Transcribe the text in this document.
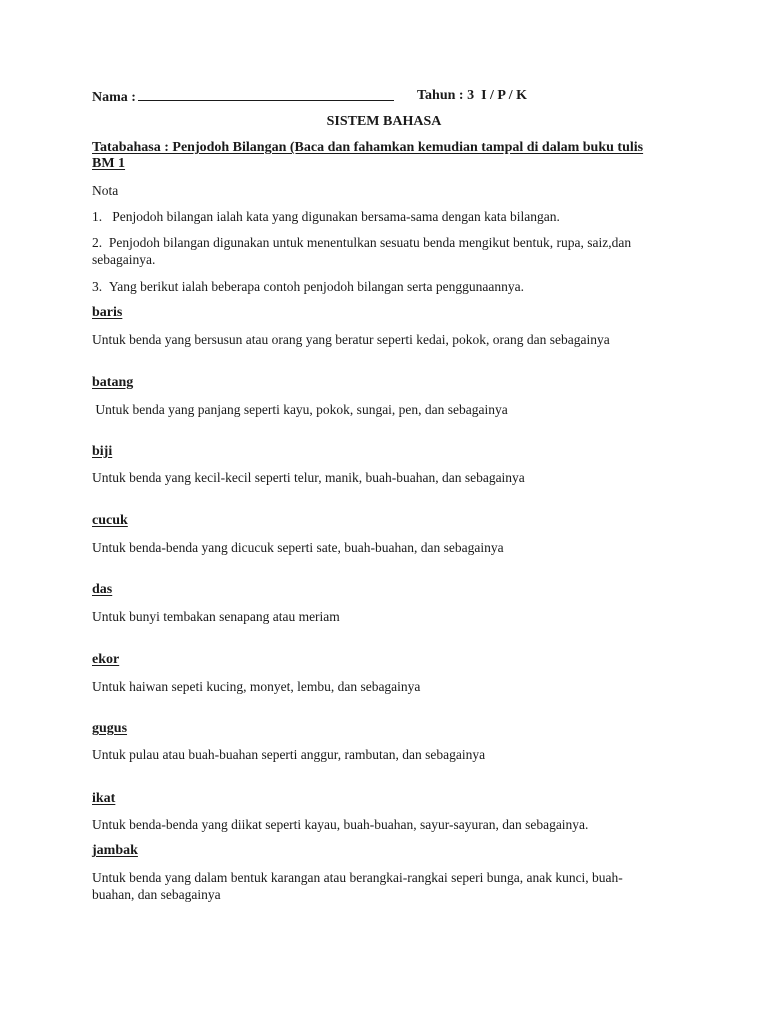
Nama :	Tahun : 3 I / P / K
SISTEM BAHASA
Tatabahasa : Penjodoh Bilangan (Baca dan fahamkan kemudian tampal di dalam buku tulis
BM 1
Nota
1. Penjodoh bilangan ialah kata yang digunakan bersama-sama dengan kata bilangan.
2. Penjodoh bilangan digunakan untuk menentulkan sesuatu benda mengikut bentuk, rupa, saiz,dan
sebagainya.
3. Yang berikut ialah beberapa contoh penjodoh bilangan serta penggunaannya.
baris
Untuk benda yang bersusun atau orang yang beratur seperti kedai, pokok, orang dan sebagainya
batang
Untuk benda yang panjang seperti kayu, pokok, sungai, pen, dan sebagainya
biji
Untuk benda yang kecil-kecil seperti telur, manik, buah-buahan, dan sebagainya
cucuk
Untuk benda-benda yang dicucuk seperti sate, buah-buahan, dan sebagainya
das
Untuk bunyi tembakan senapang atau meriam
ekor
Untuk haiwan sepeti kucing, monyet, lembu, dan sebagainya
gugus
Untuk pulau atau buah-buahan seperti anggur, rambutan, dan sebagainya
ikat
Untuk benda-benda yang diikat seperti kayau, buah-buahan, sayur-sayuran, dan sebagainya.
jambak
Untuk benda yang dalam bentuk karangan atau berangkai-rangkai seperi bunga, anak kunci, buah-
buahan, dan sebagainya
